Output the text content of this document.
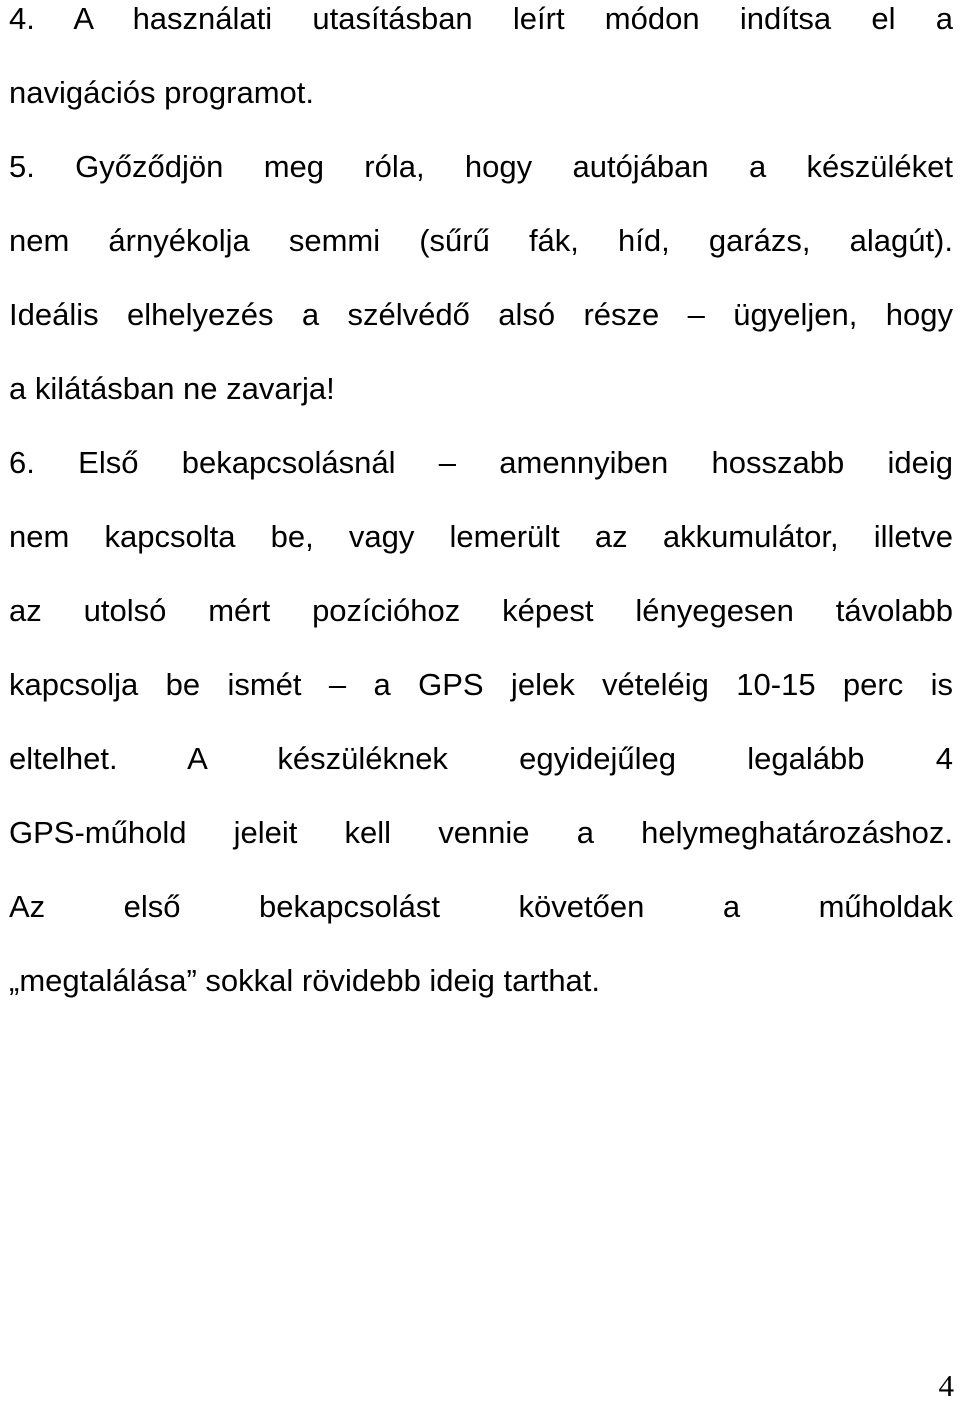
4. A használati utasításban leírt módon indítsa el a
navigációs programot.

5. Győződjön meg róla, hogy autójában a készüléket
nem árnyékolja semmi (sűrű fák, híd, garázs, alagút).
Ideális elhelyezés a szélvédő alsó része – ügyeljen, hogy
a kilátásban ne zavarja!

6. Első bekapcsolásnál – amennyiben hosszabb ideig
nem kapcsolta be, vagy lemerült az akkumulátor, illetve
az utolsó mért pozícióhoz képest lényegesen távolabb
kapcsolja be ismét – a GPS jelek vételéig 10-15 perc is
eltelhet. A készüléknek egyidejűleg legalább 4
GPS-műhold jeleit kell vennie a helymeghatározáshoz.
Az első bekapcsolást követően a műholdak
„megtalálása” sokkal rövidebb ideig tarthat.

4
